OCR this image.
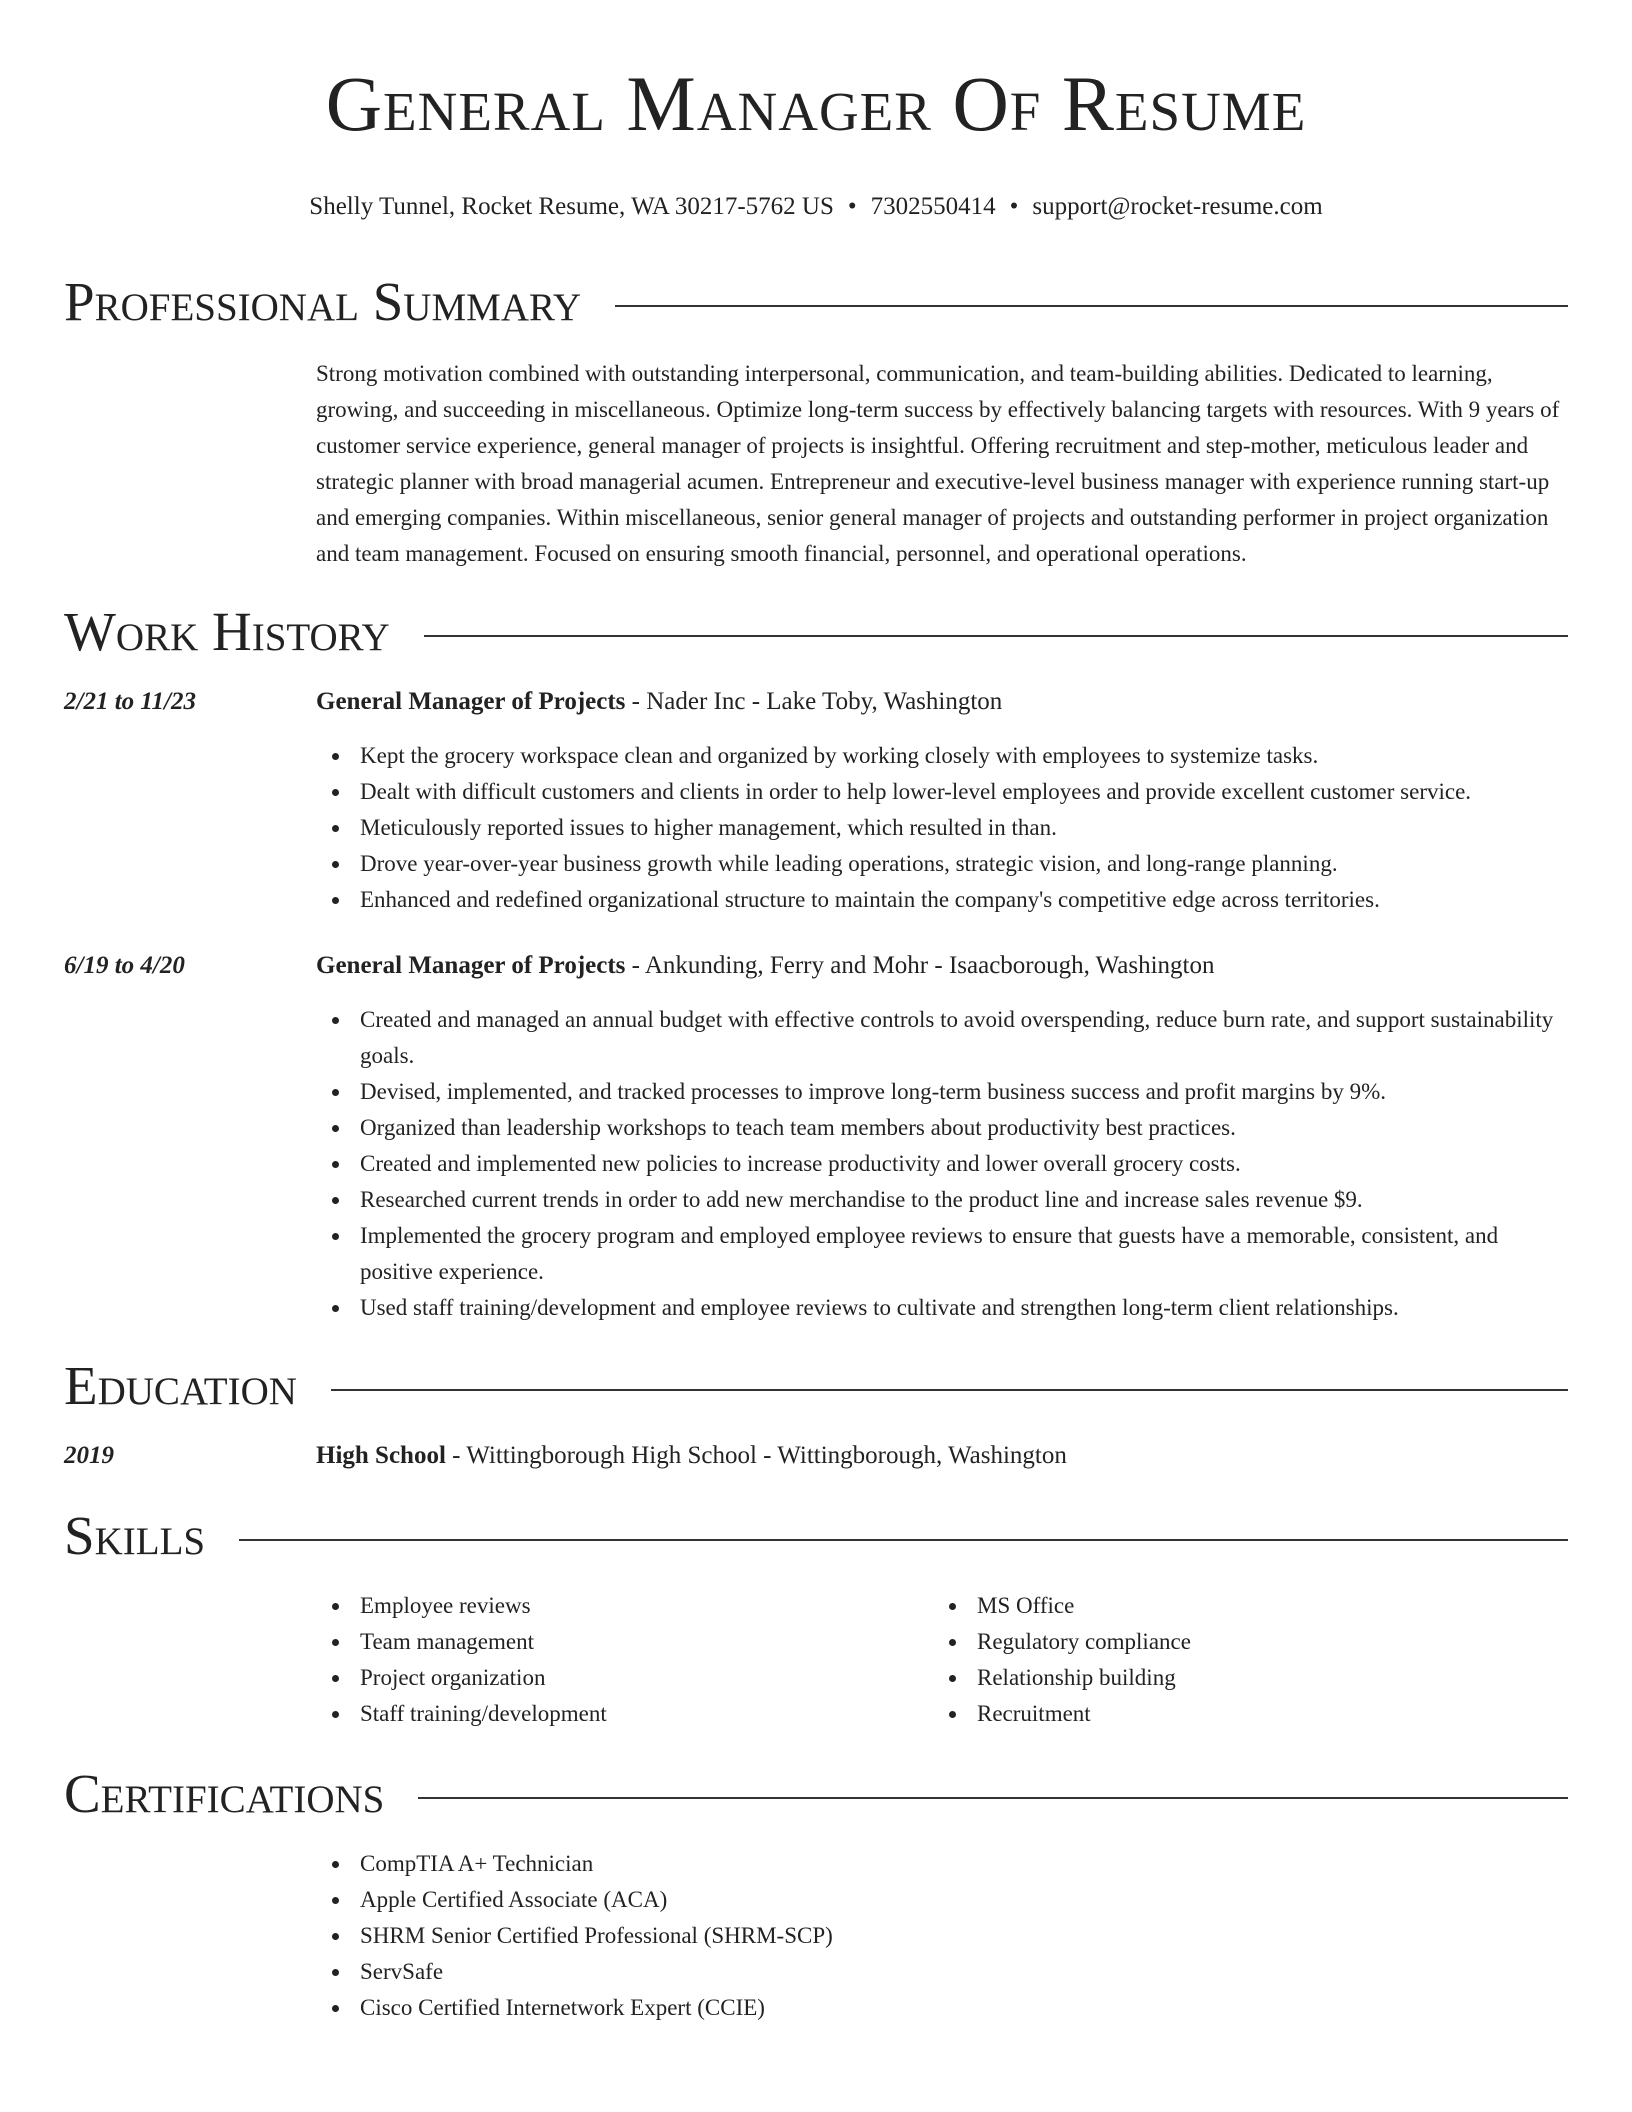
General Manager Of Resume
Shelly Tunnel, Rocket Resume, WA 30217-5762 US • 7302550414 • support@rocket-resume.com
Professional Summary

Strong motivation combined with outstanding interpersonal, communication, and team-building abilities. Dedicated to learning, growing, and succeeding in miscellaneous. Optimize long-term success by effectively balancing targets with resources. With 9 years of customer service experience, general manager of projects is insightful. Offering recruitment and step-mother, meticulous leader and strategic planner with broad managerial acumen. Entrepreneur and executive-level business manager with experience running start-up and emerging companies. Within miscellaneous, senior general manager of projects and outstanding performer in project organization and team management. Focused on ensuring smooth financial, personnel, and operational operations.

Work History
2/21 to 11/23	General Manager of Projects - Nader Inc - Lake Toby, Washington
Kept the grocery workspace clean and organized by working closely with employees to systemize tasks.
Dealt with difficult customers and clients in order to help lower-level employees and provide excellent customer service.
Meticulously reported issues to higher management, which resulted in than.
Drove year-over-year business growth while leading operations, strategic vision, and long-range planning.
Enhanced and redefined organizational structure to maintain the company's competitive edge across territories.
6/19 to 4/20	General Manager of Projects - Ankunding, Ferry and Mohr - Isaacborough, Washington
Created and managed an annual budget with effective controls to avoid overspending, reduce burn rate, and support sustainability goals.
Devised, implemented, and tracked processes to improve long-term business success and profit margins by 9%.
Organized than leadership workshops to teach team members about productivity best practices.
Created and implemented new policies to increase productivity and lower overall grocery costs.
Researched current trends in order to add new merchandise to the product line and increase sales revenue $9.
Implemented the grocery program and employed employee reviews to ensure that guests have a memorable, consistent, and positive experience.
Used staff training/development and employee reviews to cultivate and strengthen long-term client relationships.
Education
2019	High School - Wittingborough High School - Wittingborough, Washington
Skills
Employee reviews
Team management
Project organization
Staff training/development
MS Office
Regulatory compliance
Relationship building
Recruitment
Certifications
CompTIA A+ Technician
Apple Certified Associate (ACA)
SHRM Senior Certified Professional (SHRM-SCP)
ServSafe
Cisco Certified Internetwork Expert (CCIE)
